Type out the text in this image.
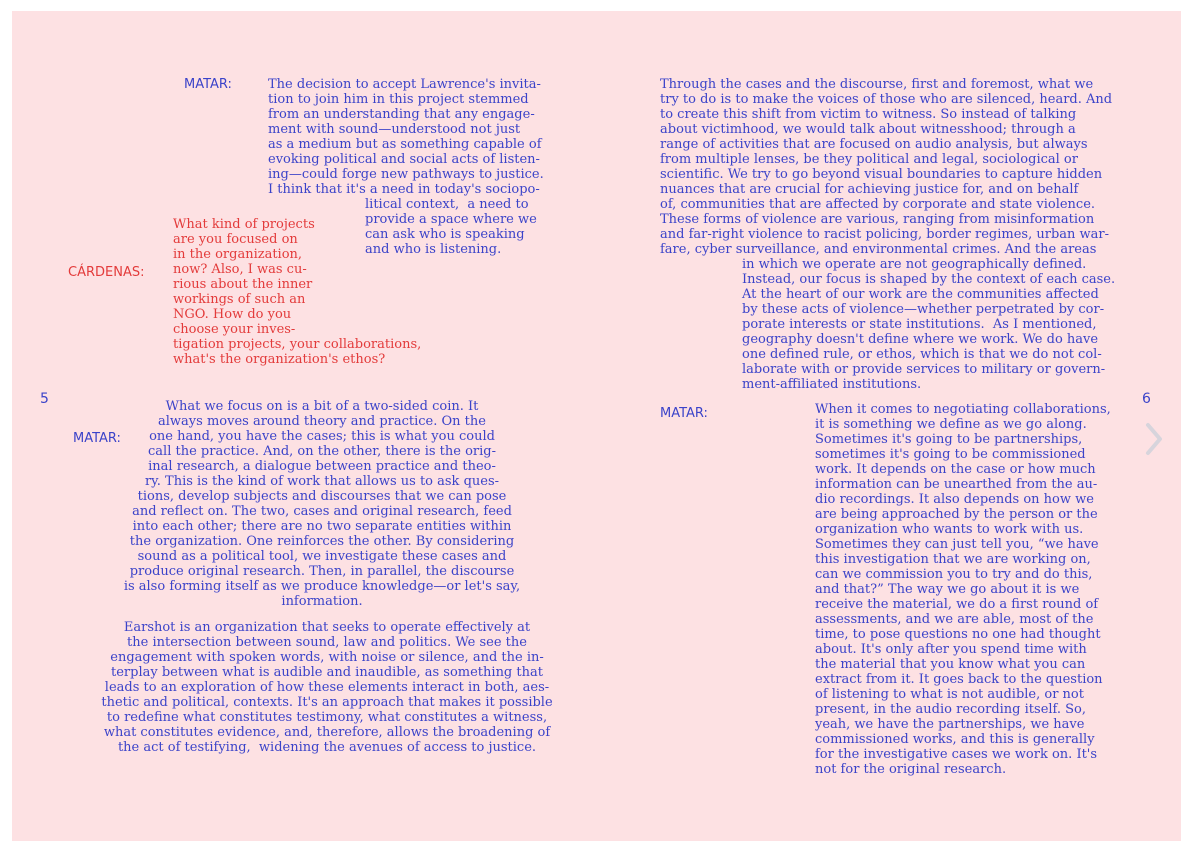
MATAR:	The decision to accept Lawrence's invita-
tion to join him in this project stemmed
from an understanding that any engage-
ment with sound—understood not just
as a medium but as something capable of
evoking political and social acts of listen-
ing—could forge new pathways to justice.
I think that it's a need in today's sociopo-
litical context,  a need to
provide a space where we
can ask who is speaking
and who is listening.
CÁRDENAS:
What kind of projects
are you focused on
in the organization,
now? Also, I was cu-
rious about the inner
workings of such an
NGO. How do you
choose your inves-
tigation projects, your collaborations,
what's the organization's ethos?
5
MATAR:
What we focus on is a bit of a two-sided coin. It
always moves around theory and practice. On the
one hand, you have the cases; this is what you could
call the practice. And, on the other, there is the orig-
inal research, a dialogue between practice and theo-
ry. This is the kind of work that allows us to ask ques-
tions, develop subjects and discourses that we can pose
and reflect on. The two, cases and original research, feed
into each other; there are no two separate entities within
the organization. One reinforces the other. By considering
sound as a political tool, we investigate these cases and
produce original research. Then, in parallel, the discourse
is also forming itself as we produce knowledge—or let's say,
information.
Earshot is an organization that seeks to operate effectively at
the intersection between sound, law and politics. We see the
engagement with spoken words, with noise or silence, and the in-
terplay between what is audible and inaudible, as something that
leads to an exploration of how these elements interact in both, aes-
thetic and political, contexts. It's an approach that makes it possible
to redefine what constitutes testimony, what constitutes a witness,
what constitutes evidence, and, therefore, allows the broadening of
the act of testifying,  widening the avenues of access to justice.
Through the cases and the discourse, first and foremost, what we
try to do is to make the voices of those who are silenced, heard. And
to create this shift from victim to witness. So instead of talking
about victimhood, we would talk about witnesshood; through a
range of activities that are focused on audio analysis, but always
from multiple lenses, be they political and legal, sociological or
scientific. We try to go beyond visual boundaries to capture hidden
nuances that are crucial for achieving justice for, and on behalf
of, communities that are affected by corporate and state violence.
These forms of violence are various, ranging from misinformation
and far-right violence to racist policing, border regimes, urban war-
fare, cyber surveillance, and environmental crimes. And the areas
in which we operate are not geographically defined.
Instead, our focus is shaped by the context of each case.
At the heart of our work are the communities affected
by these acts of violence—whether perpetrated by cor-
porate interests or state institutions.  As I mentioned,
geography doesn't define where we work. We do have
one defined rule, or ethos, which is that we do not col-
laborate with or provide services to military or govern-
ment-affiliated institutions.
MATAR:	When it comes to negotiating collaborations,
it is something we define as we go along.
Sometimes it's going to be partnerships,
sometimes it's going to be commissioned
work. It depends on the case or how much
information can be unearthed from the au-
dio recordings. It also depends on how we
are being approached by the person or the
organization who wants to work with us.
Sometimes they can just tell you, “we have
this investigation that we are working on,
can we commission you to try and do this,
and that?” The way we go about it is we
receive the material, we do a first round of
assessments, and we are able, most of the
time, to pose questions no one had thought
about. It's only after you spend time with
the material that you know what you can
extract from it. It goes back to the question
of listening to what is not audible, or not
present, in the audio recording itself. So,
yeah, we have the partnerships, we have
commissioned works, and this is generally
for the investigative cases we work on. It's
not for the original research.
6
